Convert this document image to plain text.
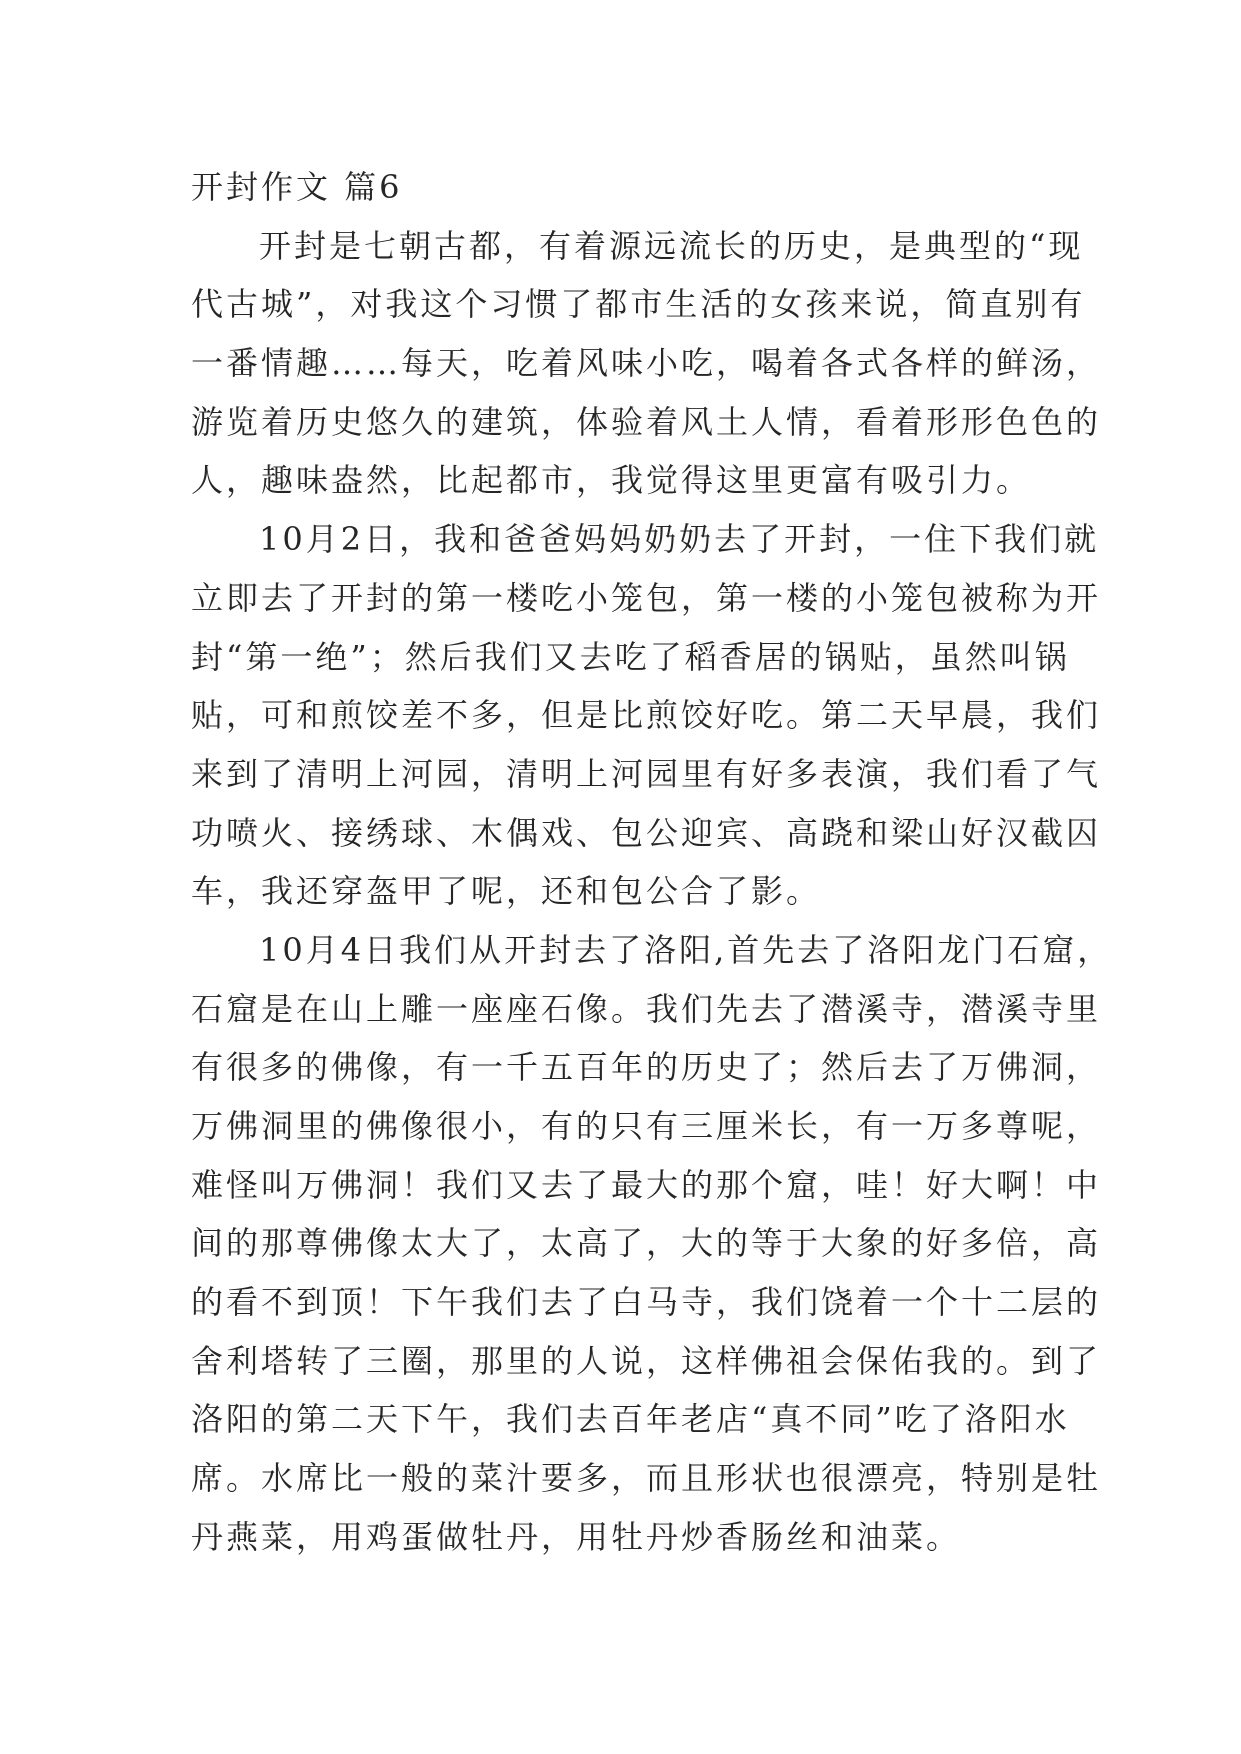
开封作文 篇6
开封是七朝古都，有着源远流长的历史，是典型的“现
代古城”，对我这个习惯了都市生活的女孩来说，简直别有
一番情趣……每天，吃着风味小吃，喝着各式各样的鲜汤，
游览着历史悠久的建筑，体验着风土人情，看着形形色色的
人，趣味盎然，比起都市，我觉得这里更富有吸引力。
10月2日，我和爸爸妈妈奶奶去了开封，一住下我们就
立即去了开封的第一楼吃小笼包，第一楼的小笼包被称为开
封“第一绝”；然后我们又去吃了稻香居的锅贴，虽然叫锅
贴，可和煎饺差不多，但是比煎饺好吃。第二天早晨，我们
来到了清明上河园，清明上河园里有好多表演，我们看了气
功喷火、接绣球、木偶戏、包公迎宾、高跷和梁山好汉截囚
车，我还穿盔甲了呢，还和包公合了影。
10月4日我们从开封去了洛阳,首先去了洛阳龙门石窟，
石窟是在山上雕一座座石像。我们先去了潜溪寺，潜溪寺里
有很多的佛像，有一千五百年的历史了；然后去了万佛洞，
万佛洞里的佛像很小，有的只有三厘米长，有一万多尊呢，
难怪叫万佛洞！我们又去了最大的那个窟，哇！好大啊！中
间的那尊佛像太大了，太高了，大的等于大象的好多倍，高
的看不到顶！下午我们去了白马寺，我们饶着一个十二层的
舍利塔转了三圈，那里的人说，这样佛祖会保佑我的。到了
洛阳的第二天下午，我们去百年老店“真不同”吃了洛阳水
席。水席比一般的菜汁要多，而且形状也很漂亮，特别是牡
丹燕菜，用鸡蛋做牡丹，用牡丹炒香肠丝和油菜。
